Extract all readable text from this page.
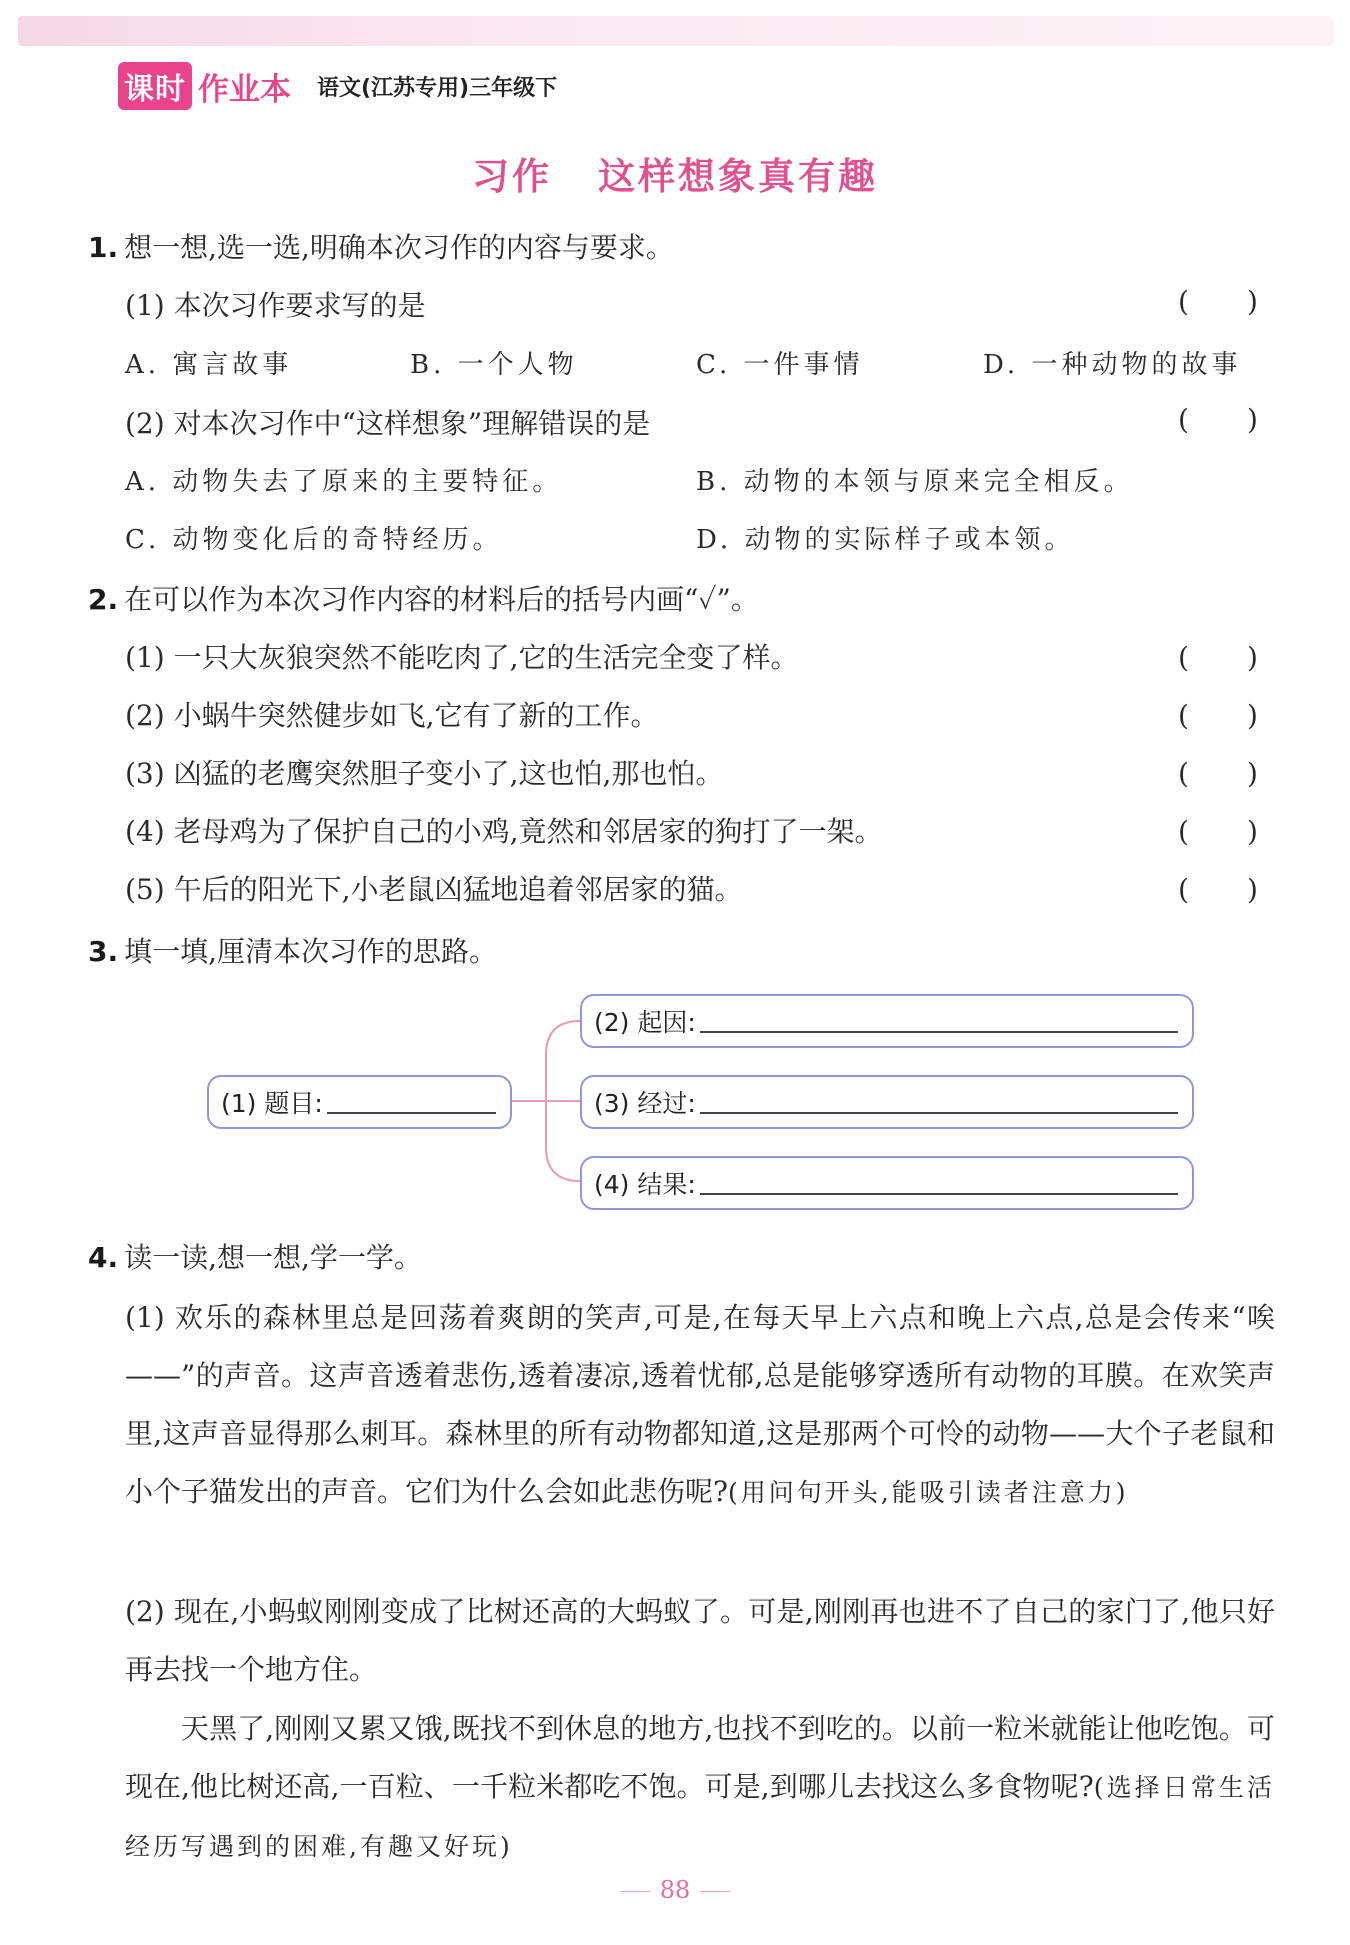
课时 作业本 语文(江苏专用)三年级下
习作 这样想象真有趣
1. 想一想,选一选,明确本次习作的内容与要求。
(1) 本次习作要求写的是	( )
A. 寓言故事	B. 一个人物	C. 一件事情	D. 一种动物的故事
(2) 对本次习作中“这样想象”理解错误的是	( )
A. 动物失去了原来的主要特征。	B. 动物的本领与原来完全相反。
C. 动物变化后的奇特经历。	D. 动物的实际样子或本领。
2. 在可以作为本次习作内容的材料后的括号内画“✓”。
(1) 一只大灰狼突然不能吃肉了,它的生活完全变了样。	( )
(2) 小蜗牛突然健步如飞,它有了新的工作。	( )
(3) 凶猛的老鹰突然胆子变小了,这也怕,那也怕。	( )
(4) 老母鸡为了保护自己的小鸡,竟然和邻居家的狗打了一架。	( )
(5) 午后的阳光下,小老鼠凶猛地追着邻居家的猫。	( )
3. 填一填,厘清本次习作的思路。
(1) 题目:
(2) 起因:
(3) 经过:
(4) 结果:
4. 读一读,想一想,学一学。
(1) 欢乐的森林里总是回荡着爽朗的笑声,可是,在每天早上六点和晚上六点,总是会传来“唉——”的声音。这声音透着悲伤,透着凄凉,透着忧郁,总是能够穿透所有动物的耳膜。在欢笑声里,这声音显得那么刺耳。森林里的所有动物都知道,这是那两个可怜的动物——大个子老鼠和小个子猫发出的声音。它们为什么会如此悲伤呢?(用问句开头,能吸引读者注意力)
(2) 现在,小蚂蚁刚刚变成了比树还高的大蚂蚁了。可是,刚刚再也进不了自己的家门了,他只好再去找一个地方住。
天黑了,刚刚又累又饿,既找不到休息的地方,也找不到吃的。以前一粒米就能让他吃饱。可现在,他比树还高,一百粒、一千粒米都吃不饱。可是,到哪儿去找这么多食物呢?(选择日常生活经历写遇到的困难,有趣又好玩)
88
